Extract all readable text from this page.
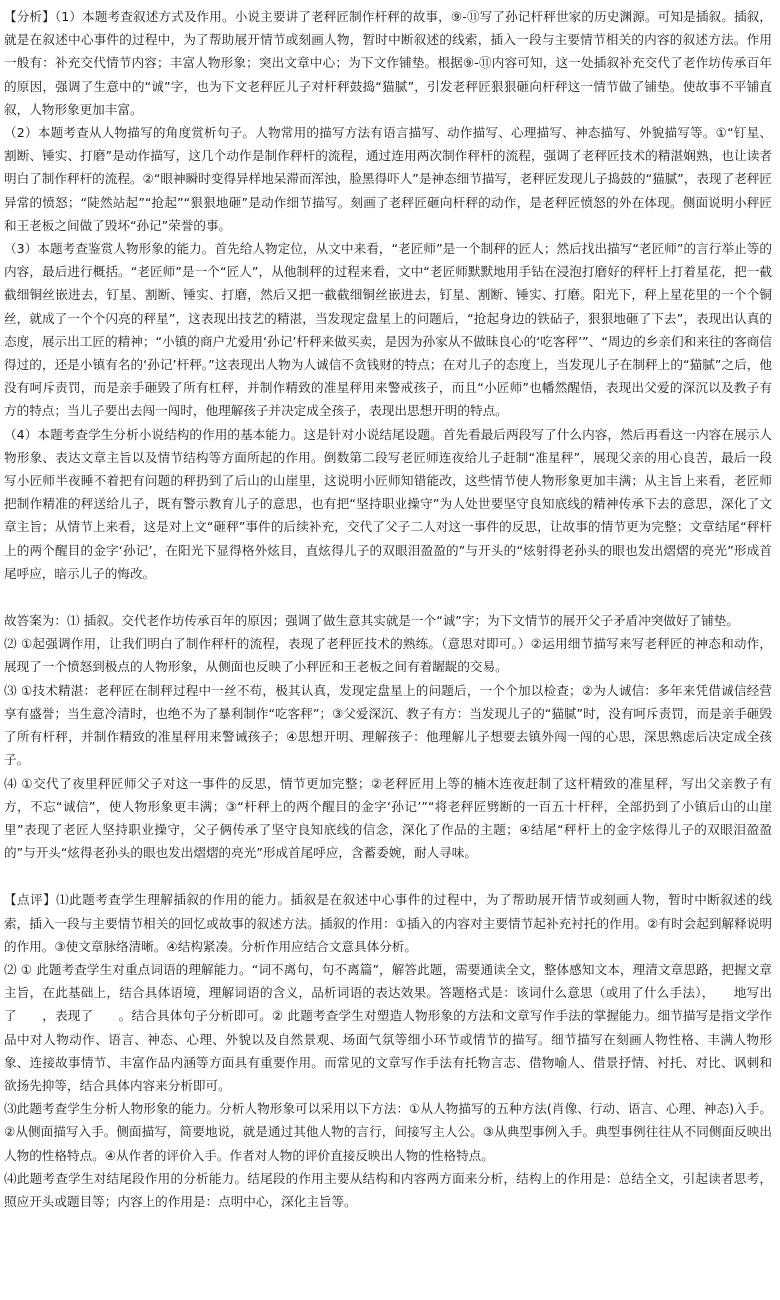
【分析】（1）本题考查叙述方式及作用。小说主要讲了老秤匠制作杆秤的故事，⑨-⑪写了孙记杆秤世家的历史渊源。可知是插叙。插叙，就是在叙述中心事件的过程中，为了帮助展开情节或刻画人物，暂时中断叙述的线索，插入一段与主要情节相关的内容的叙述方法。作用一般有：补充交代情节内容；丰富人物形象；突出文章中心；为下文作铺垫。根据⑨-⑪内容可知，这一处插叙补充交代了老作坊传承百年的原因，强调了生意中的“诚”字，也为下文老秤匠儿子对杆秤鼓捣“猫腻”，引发老秤匠狠狠砸向杆秤这一情节做了铺垫。使故事不平铺直叙，人物形象更加丰富。

（2）本题考查从人物描写的角度赏析句子。人物常用的描写方法有语言描写、动作描写、心理描写、神态描写、外貌描写等。①“钉星、割断、锤实、打磨”是动作描写，这几个动作是制作秤杆的流程，通过连用两次制作秤杆的流程，强调了老秤匠技术的精湛娴熟，也让读者明白了制作秤杆的流程。②“眼神瞬时变得异样地呆滞而浑浊，脸黑得吓人”是神态细节描写，老秤匠发现儿子捣鼓的“猫腻”，表现了老秤匠异常的愤怒；“陡然站起”“抢起”“狠狠地砸”是动作细节描写。刻画了老秤匠砸向杆秤的动作，是老秤匠愤怒的外在体现。侧面说明小秤匠和王老板之间做了毁坏“孙记”荣誉的事。

（3）本题考查鉴赏人物形象的能力。首先给人物定位，从文中来看，“老匠师”是一个制秤的匠人；然后找出描写“老匠师”的言行举止等的内容，最后进行概括。“老匠师”是一个“匠人”，从他制秤的过程来看，文中“老匠师默默地用手钻在浸泡打磨好的秤杆上打着星花，把一截截细铜丝嵌进去，钉星、割断、锤实、打磨，然后又把一截截细铜丝嵌进去，钉星、割断、锤实、打磨。阳光下，秤上星花里的一个个铜丝，就成了一个个闪亮的秤星”，这表现出技艺的精湛，当发现定盘星上的问题后，“抢起身边的铁砧子，狠狠地砸了下去”，表现出认真的态度，展示出工匠的精神；“小镇的商户尤爱用‘孙记’杆秤来做买卖，是因为孙家从不做昧良心的‘吃客秤’”、“周边的乡亲们和来往的客商信得过的，还是小镇有名的‘孙记’杆秤。”这表现出人物为人诚信不贪钱财的特点；在对儿子的态度上，当发现儿子在制秤上的“猫腻”之后，他没有呵斥责罚，而是亲手砸毁了所有杠秤，并制作精致的准星秤用来警戒孩子，而且“小匠师”也幡然醒悟，表现出父爱的深沉以及教子有方的特点；当儿子要出去闯一闯时，他理解孩子并决定成全孩子，表现出思想开明的特点。

（4）本题考查学生分析小说结构的作用的基本能力。这是针对小说结尾设题。首先看最后两段写了什么内容，然后再看这一内容在展示人物形象、表达文章主旨以及情节结构等方面所起的作用。倒数第二段写老匠师连夜给儿子赶制“准星秤”，展现父亲的用心良苦，最后一段写小匠师半夜睡不着把有问题的秤扔到了后山的山崖里，这说明小匠师知错能改，这些情节使人物形象更加丰满；从主旨上来看，老匠师把制作精准的秤送给儿子，既有警示教育儿子的意思，也有把“坚持职业操守”为人处世要坚守良知底线的精神传承下去的意思，深化了文章主旨；从情节上来看，这是对上文“砸秤”事件的后续补充，交代了父子二人对这一事件的反思，让故事的情节更为完整；文章结尾“秤杆上的两个醒目的金字‘孙记’，在阳光下显得格外炫目，直炫得儿子的双眼泪盈盈的”与开头的“炫射得老孙头的眼也发出熠熠的亮光”形成首尾呼应，暗示儿子的悔改。

故答案为：⑴ 插叙。交代老作坊传承百年的原因；强调了做生意其实就是一个“诚”字；为下文情节的展开父子矛盾冲突做好了铺垫。

⑵ ①起强调作用，让我们明白了制作秤杆的流程，表现了老秤匠技术的熟练。（意思对即可。）②运用细节描写来写老秤匠的神态和动作，展现了一个愤怒到极点的人物形象，从侧面也反映了小秤匠和王老板之间有着龌龊的交易。

⑶ ①技术精湛：老秤匠在制秤过程中一丝不苟，极其认真，发现定盘星上的问题后，一个个加以检查；②为人诚信：多年来凭借诚信经营享有盛誉；当生意冷清时，也绝不为了暴利制作“吃客秤”；③父爱深沉、教子有方：当发现儿子的“猫腻”时，没有呵斥责罚，而是亲手砸毁了所有杆秤，并制作精致的准星秤用来警诫孩子；④思想开明、理解孩子：他理解儿子想要去镇外闯一闯的心思，深思熟虑后决定成全孩子。

⑷ ①交代了夜里秤匠师父子对这一事件的反思，情节更加完整；②老秤匠用上等的楠木连夜赶制了这杆精致的准星秤，写出父亲教子有方，不忘“诚信”，使人物形象更丰满；③“杆秤上的两个醒目的金字‘孙记’”“将老秤匠劈断的一百五十杆秤，全部扔到了小镇后山的山崖里”表现了老匠人坚持职业操守，父子俩传承了坚守良知底线的信念，深化了作品的主题；④结尾“秤杆上的金字炫得儿子的双眼泪盈盈的”与开头“炫得老孙头的眼也发出熠熠的亮光”形成首尾呼应，含蓄委婉，耐人寻味。

【点评】⑴此题考查学生理解插叙的作用的能力。插叙是在叙述中心事件的过程中，为了帮助展开情节或刻画人物，暂时中断叙述的线索，插入一段与主要情节相关的回忆或故事的叙述方法。插叙的作用：①插入的内容对主要情节起补充衬托的作用。②有时会起到解释说明的作用。③使文章脉络清晰。④结构紧凑。分析作用应结合文意具体分析。

⑵ ① 此题考查学生对重点词语的理解能力。“词不离句，句不离篇”，解答此题，需要通读全文，整体感知文本，理清文章思路，把握文章主旨，在此基础上，结合具体语境，理解词语的含义，品析词语的表达效果。答题格式是：该词什么意思（或用了什么手法），　　地写出了　　，表现了　　。结合具体句子分析即可。② 此题考查学生对塑造人物形象的方法和文章写作手法的掌握能力。细节描写是指文学作品中对人物动作、语言、神态、心理、外貌以及自然景观、场面气氛等细小环节或情节的描写。细节描写在刻画人物性格、丰满人物形象、连接故事情节、丰富作品内涵等方面具有重要作用。而常见的文章写作手法有托物言志、借物喻人、借景抒情、衬托、对比、讽刺和欲扬先抑等，结合具体内容来分析即可。

⑶此题考查学生分析人物形象的能力。分析人物形象可以采用以下方法：①从人物描写的五种方法(肖像、行动、语言、心理、神态)入手。②从侧面描写入手。侧面描写，简要地说，就是通过其他人物的言行，间接写主人公。③从典型事例入手。典型事例往往从不同侧面反映出人物的性格特点。④从作者的评价入手。作者对人物的评价直接反映出人物的性格特点。

⑷此题考查学生对结尾段作用的分析能力。结尾段的作用主要从结构和内容两方面来分析，结构上的作用是：总结全文，引起读者思考，照应开头或题目等；内容上的作用是：点明中心，深化主旨等。
